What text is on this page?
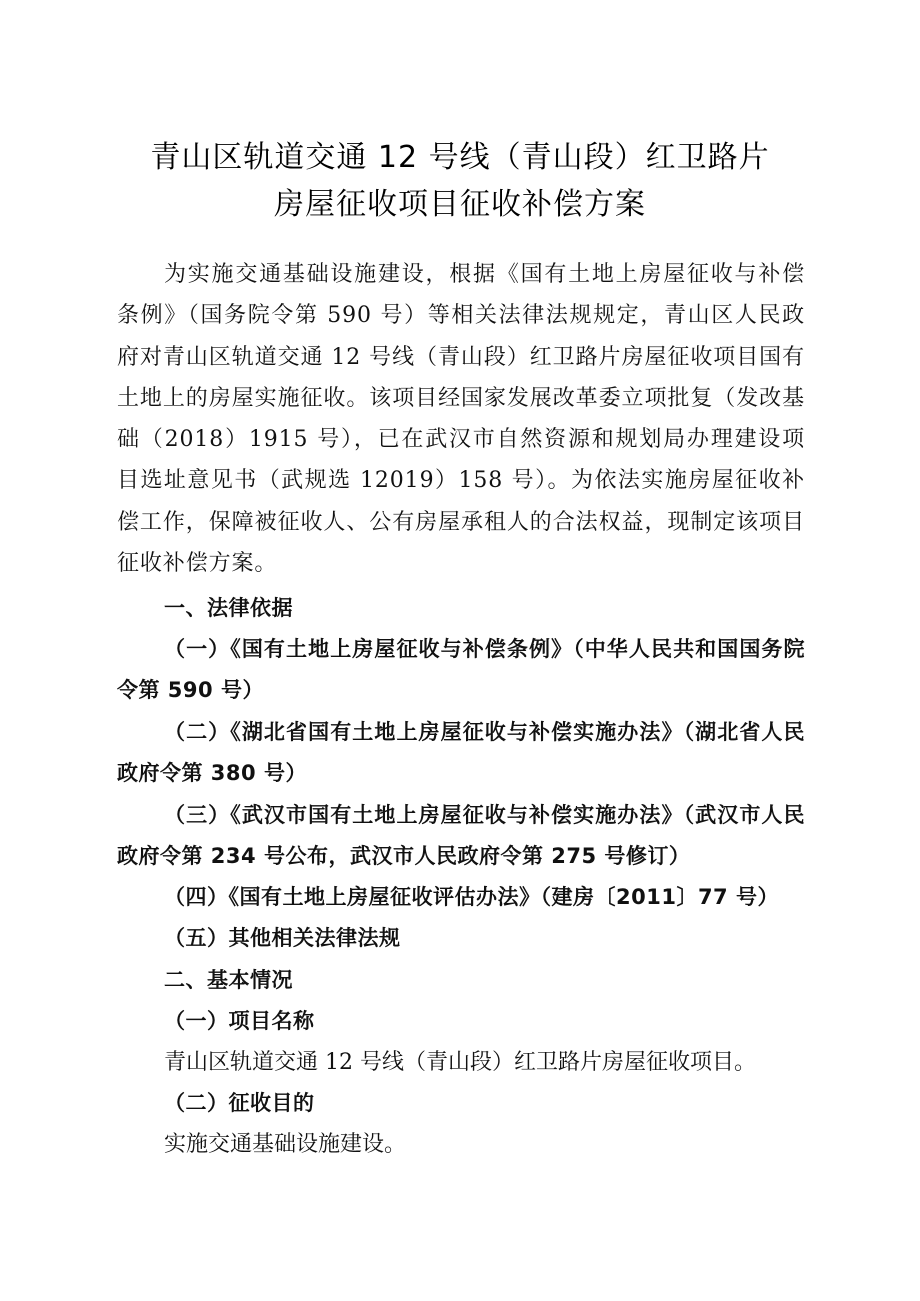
青山区轨道交通 12 号线（青山段）红卫路片
房屋征收项目征收补偿方案
为实施交通基础设施建设，根据《国有土地上房屋征收与补偿条例》（国务院令第 590 号）等相关法律法规规定，青山区人民政府对青山区轨道交通 12 号线（青山段）红卫路片房屋征收项目国有土地上的房屋实施征收。该项目经国家发展改革委立项批复（发改基础（2018）1915 号），已在武汉市自然资源和规划局办理建设项目选址意见书（武规选 12019）158 号）。为依法实施房屋征收补偿工作，保障被征收人、公有房屋承租人的合法权益，现制定该项目征收补偿方案。
一、法律依据
（一）《国有土地上房屋征收与补偿条例》（中华人民共和国国务院令第 590 号）
（二）《湖北省国有土地上房屋征收与补偿实施办法》（湖北省人民政府令第 380 号）
（三）《武汉市国有土地上房屋征收与补偿实施办法》（武汉市人民政府令第 234 号公布，武汉市人民政府令第 275 号修订）
（四）《国有土地上房屋征收评估办法》（建房〔2011〕77 号）
（五）其他相关法律法规
二、基本情况
（一）项目名称
青山区轨道交通 12 号线（青山段）红卫路片房屋征收项目。
（二）征收目的
实施交通基础设施建设。
